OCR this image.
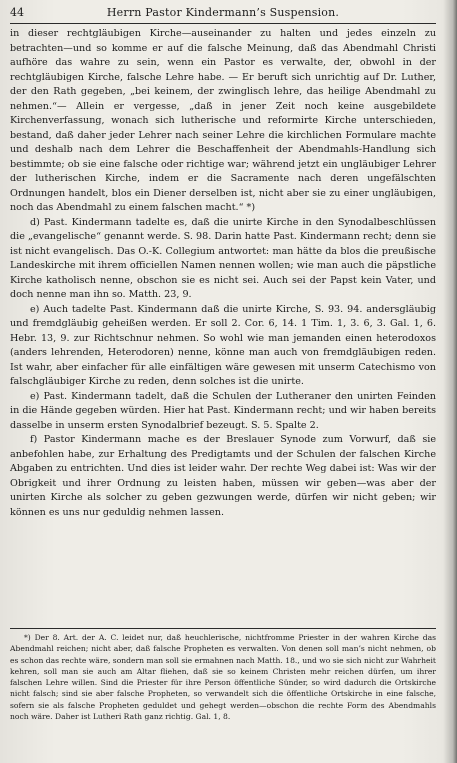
44	Herrn Pastor Kindermann’s Suspension.

in dieser rechtgläubigen Kirche—auseinander zu halten und jedes einzeln zu betrachten—und so komme er auf die falsche Meinung, daß das Abendmahl Christi aufhöre das wahre zu sein, wenn ein Pastor es verwalte, der, obwohl in der rechtgläubigen Kirche, falsche Lehre habe. — Er beruft sich unrichtig auf Dr. Luther, der den Rath gegeben, „bei keinem, der zwinglisch lehre, das heilige Abendmahl zu nehmen.“— Allein er vergesse, „daß in jener Zeit noch keine ausgebildete Kirchenverfassung, wonach sich lutherische und reformirte Kirche unterschieden, bestand, daß daher jeder Lehrer nach seiner Lehre die kirchlichen Formulare machte und deshalb nach dem Lehrer die Beschaffenheit der Abendmahls-Handlung sich bestimmte; ob sie eine falsche oder richtige war; während jetzt ein ungläubiger Lehrer der lutherischen Kirche, indem er die Sacramente nach deren ungefälschten Ordnungen handelt, blos ein Diener derselben ist, nicht aber sie zu einer ungläubigen, noch das Abendmahl zu einem falschen macht.“ *)

d) Past. Kindermann tadelte es, daß die unirte Kirche in den Synodalbeschlüssen die „evangelische“ genannt werde. S. 98. Darin hatte Past. Kindermann recht; denn sie ist nicht evangelisch. Das O.-K. Collegium antwortet: man hätte da blos die preußische Landeskirche mit ihrem officiellen Namen nennen wollen; wie man auch die päpstliche Kirche katholisch nenne, obschon sie es nicht sei. Auch sei der Papst kein Vater, und doch nenne man ihn so. Matth. 23, 9.

e) Auch tadelte Past. Kindermann daß die unirte Kirche, S. 93. 94. andersgläubig und fremdgläubig geheißen werden. Er soll 2. Cor. 6, 14. 1 Tim. 1, 3. 6, 3. Gal. 1, 6. Hebr. 13, 9. zur Richtschnur nehmen. So wohl wie man jemanden einen heterodoxos (anders lehrenden, Heterodoren) nenne, könne man auch von fremdgläubigen reden. Ist wahr, aber einfacher für alle einfältigen wäre gewesen mit unserm Catechismo von falschgläubiger Kirche zu reden, denn solches ist die unirte.

e) Past. Kindermann tadelt, daß die Schulen der Lutheraner den unirten Feinden in die Hände gegeben würden. Hier hat Past. Kindermann recht; und wir haben bereits dasselbe in unserm ersten Synodalbrief bezeugt. S. 5. Spalte 2.

f) Pastor Kindermann mache es der Breslauer Synode zum Vorwurf, daß sie anbefohlen habe, zur Erhaltung des Predigtamts und der Schulen der falschen Kirche Abgaben zu entrichten. Und dies ist leider wahr. Der rechte Weg dabei ist: Was wir der Obrigkeit und ihrer Ordnung zu leisten haben, müssen wir geben—was aber der unirten Kirche als solcher zu geben gezwungen werde, dürfen wir nicht geben; wir können es uns nur geduldig nehmen lassen.

*) Der 8. Art. der A. C. leidet nur, daß heuchlerische, nichtfromme Priester in der wahren Kirche das Abendmahl reichen; nicht aber, daß falsche Propheten es verwalten. Von denen soll man’s nicht nehmen, ob es schon das rechte wäre, sondern man soll sie ermahnen nach Matth. 18., und wo sie sich nicht zur Wahrheit kehren, soll man sie auch am Altar fliehen, daß sie so keinem Christen mehr reichen dürfen, um ihrer falschen Lehre willen. Sind die Priester für ihre Person öffentliche Sünder, so wird dadurch die Ortskirche nicht falsch; sind sie aber falsche Propheten, so verwandelt sich die öffentliche Ortskirche in eine falsche, sofern sie als falsche Propheten geduldet und gehegt werden—obschon die rechte Form des Abendmahls noch wäre. Daher ist Lutheri Rath ganz richtig. Gal. 1, 8.
